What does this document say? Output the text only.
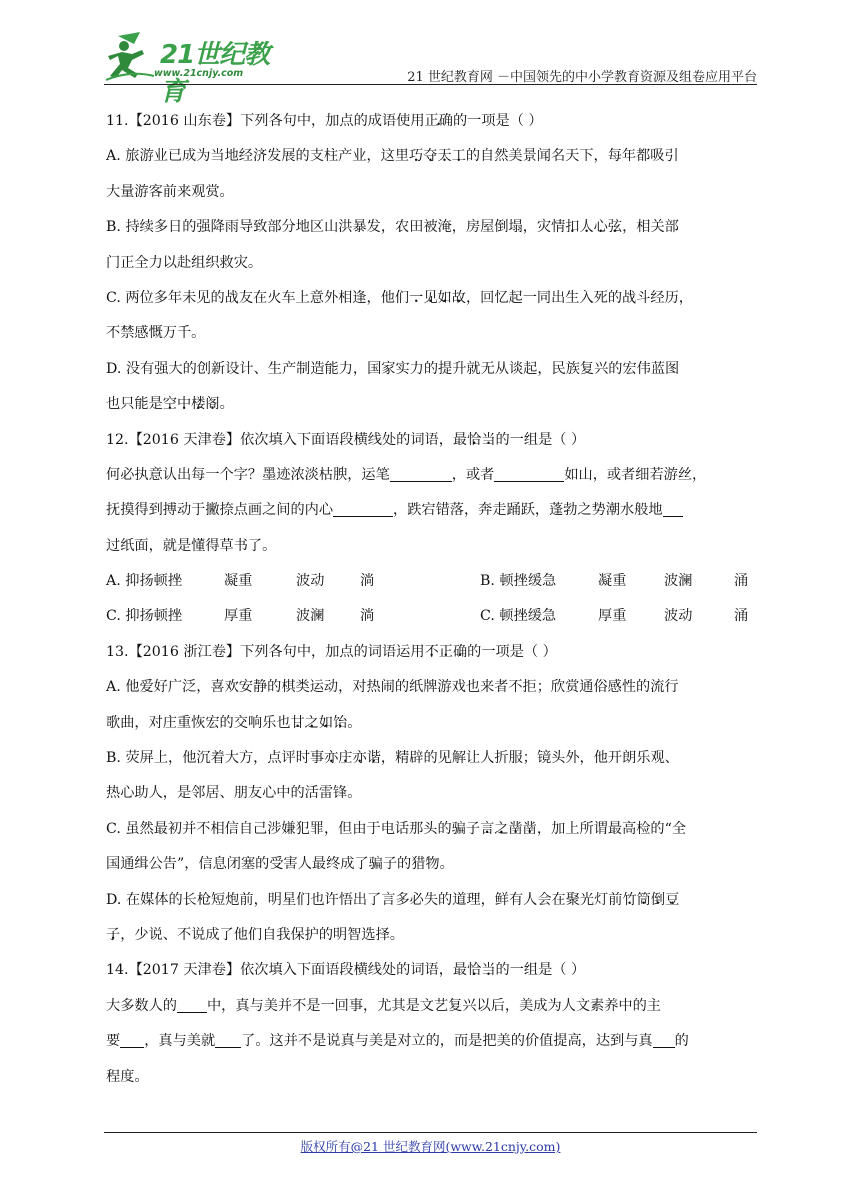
21世纪教育
www.21cnjy.com	21 世纪教育网 －中国领先的中小学教育资源及组卷应用平台
11.【2016 山东卷】下列各句中，加点的成语使用正确的一项是（ ）
A. 旅游业已成为当地经济发展的支柱产业，这里巧夺天工的自然美景闻名天下，每年都吸引
大量游客前来观赏。
B. 持续多日的强降雨导致部分地区山洪暴发，农田被淹，房屋倒塌，灾情扣人心弦，相关部
门正全力以赴组织救灾。
C. 两位多年未见的战友在火车上意外相逢，他们一见如故，回忆起一同出生入死的战斗经历，
不禁感慨万千。
D. 没有强大的创新设计、生产制造能力，国家实力的提升就无从谈起，民族复兴的宏伟蓝图
也只能是空中楼阁。
12.【2016 天津卷】依次填入下面语段横线处的词语，最恰当的一组是（ ）
何必执意认出每一个字？墨迹浓淡枯腴，运笔	，或者	如山，或者细若游丝，
抚摸得到搏动于撇捺点画之间的内心	，跌宕错落，奔走踊跃，蓬勃之势潮水般地
过纸面，就是懂得草书了。
A. 抑扬顿挫	凝重	波动	淌	B. 顿挫缓急	凝重	波澜	涌
C. 抑扬顿挫	厚重	波澜	淌	C. 顿挫缓急	厚重	波动	涌
13.【2016 浙江卷】下列各句中，加点的词语运用不正确的一项是（ ）
A. 他爱好广泛，喜欢安静的棋类运动，对热闹的纸牌游戏也来者不拒；欣赏通俗感性的流行
歌曲，对庄重恢宏的交响乐也甘之如饴。
B. 荧屏上，他沉着大方，点评时事亦庄亦谐，精辟的见解让人折服；镜头外，他开朗乐观、
热心助人，是邻居、朋友心中的活雷锋。
C. 虽然最初并不相信自己涉嫌犯罪，但由于电话那头的骗子言之凿凿，加上所谓最高检的“全
国通缉公告”，信息闭塞的受害人最终成了骗子的猎物。
D. 在媒体的长枪短炮前，明星们也许悟出了言多必失的道理，鲜有人会在聚光灯前竹筒倒豆
子，少说、不说成了他们自我保护的明智选择。
14.【2017 天津卷】依次填入下面语段横线处的词语，最恰当的一组是（ ）
大多数人的 中，真与美并不是一回事，尤其是文艺复兴以后，美成为人文素养中的主
要 ，真与美就 了。这并不是说真与美是对立的，而是把美的价值提高，达到与真 的
程度。
版权所有@21 世纪教育网(www.21cnjy.com)
